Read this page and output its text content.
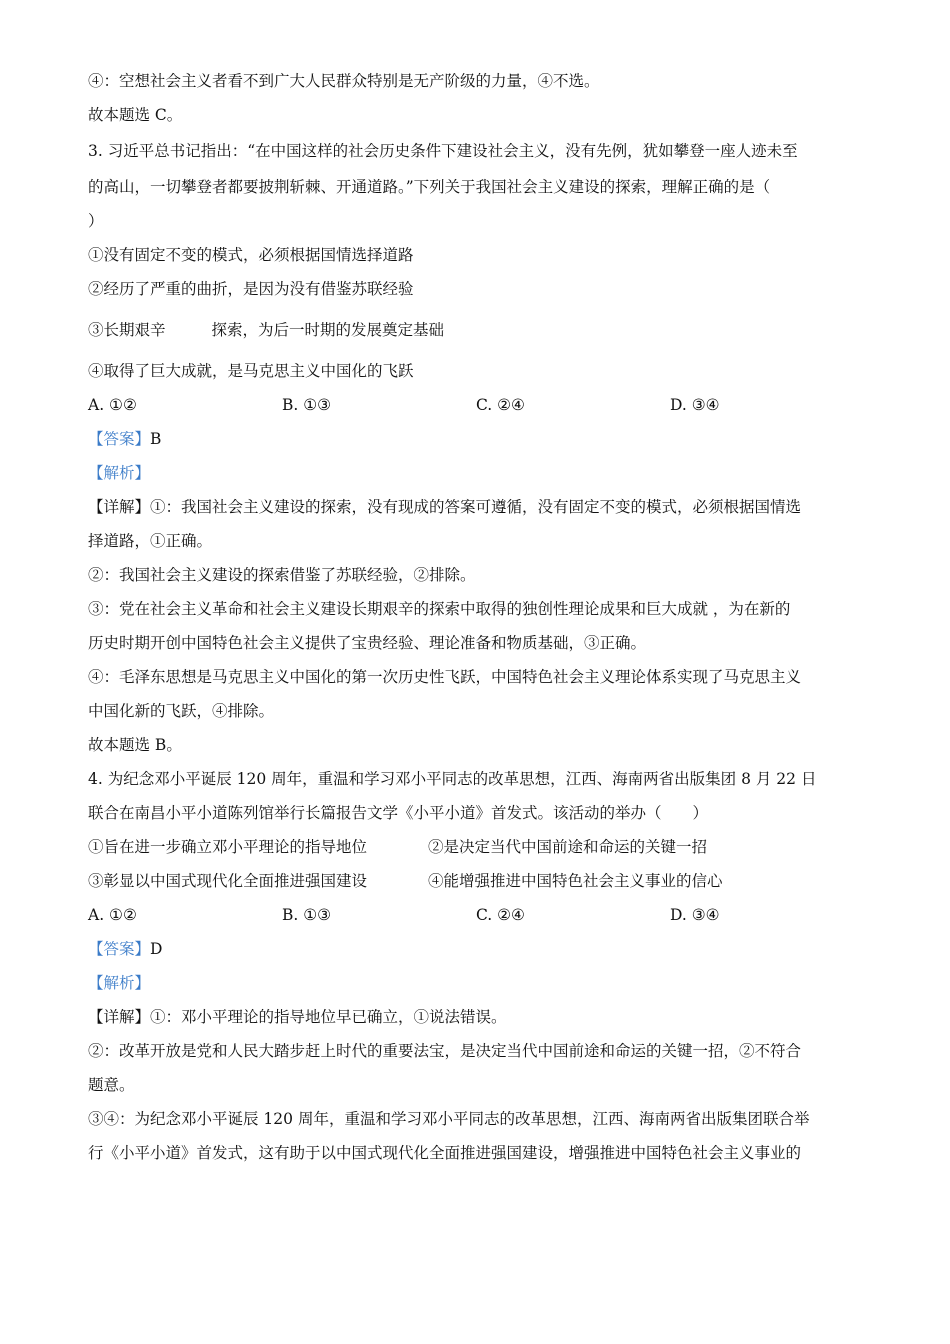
④：空想社会主义者看不到广大人民群众特别是无产阶级的力量，④不选。
故本题选 C。
3. 习近平总书记指出：“在中国这样的社会历史条件下建设社会主义，没有先例，犹如攀登一座人迹未至
的高山，一切攀登者都要披荆斩棘、开通道路。”下列关于我国社会主义建设的探索，理解正确的是（
）
①没有固定不变的模式，必须根据国情选择道路
②经历了严重的曲折，是因为没有借鉴苏联经验
③长期艰辛	探索，为后一时期的发展奠定基础
④取得了巨大成就，是马克思主义中国化的飞跃
A. ①②	B. ①③	C. ②④	D. ③④
【答案】B
【解析】
【详解】①：我国社会主义建设的探索，没有现成的答案可遵循，没有固定不变的模式，必须根据国情选
择道路，①正确。
②：我国社会主义建设的探索借鉴了苏联经验，②排除。
③：党在社会主义革命和社会主义建设长期艰辛的探索中取得的独创性理论成果和巨大成就 ，为在新的
历史时期开创中国特色社会主义提供了宝贵经验、理论准备和物质基础，③正确。
④：毛泽东思想是马克思主义中国化的第一次历史性飞跃，中国特色社会主义理论体系实现了马克思主义
中国化新的飞跃，④排除。
故本题选 B。
4. 为纪念邓小平诞辰 120 周年，重温和学习邓小平同志的改革思想，江西、海南两省出版集团 8 月 22 日
联合在南昌小平小道陈列馆举行长篇报告文学《小平小道》首发式。该活动的举办（　　）
①旨在进一步确立邓小平理论的指导地位	②是决定当代中国前途和命运的关键一招
③彰显以中国式现代化全面推进强国建设	④能增强推进中国特色社会主义事业的信心
A. ①②	B. ①③	C. ②④	D. ③④
【答案】D
【解析】
【详解】①：邓小平理论的指导地位早已确立，①说法错误。
②：改革开放是党和人民大踏步赶上时代的重要法宝，是决定当代中国前途和命运的关键一招，②不符合
题意。
③④：为纪念邓小平诞辰 120 周年，重温和学习邓小平同志的改革思想，江西、海南两省出版集团联合举
行《小平小道》首发式，这有助于以中国式现代化全面推进强国建设，增强推进中国特色社会主义事业的
